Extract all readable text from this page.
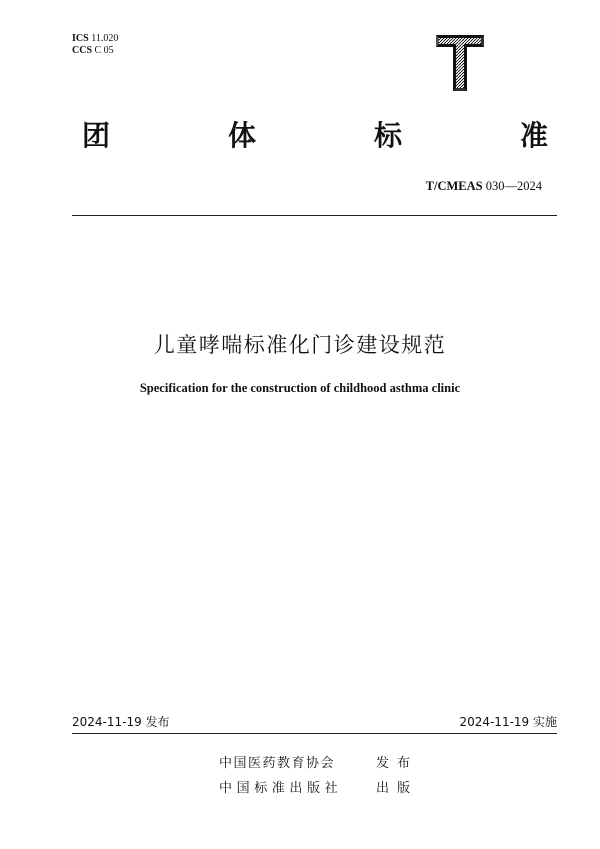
ICS 11.020
CCS C 05
团	体	标	准
T/CMEAS 030—2024
儿童哮喘标准化门诊建设规范
Specification for the construction of childhood asthma clinic
2024-11-19 发布	2024-11-19 实施
中国医药教育协会	发布
中国标准出版社	出版
